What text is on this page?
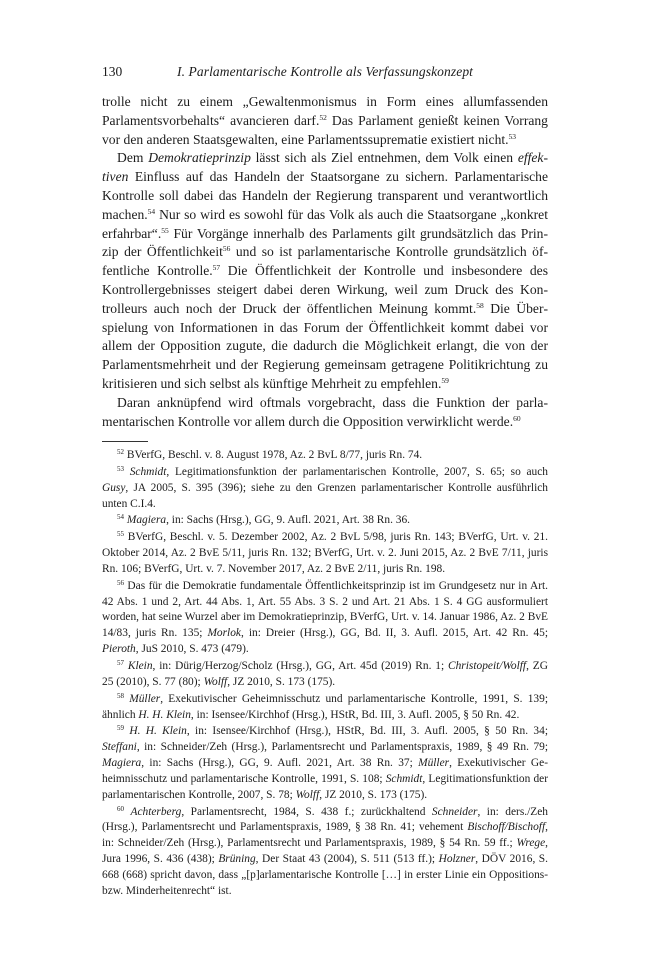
130	I. Parlamentarische Kontrolle als Verfassungskonzept

trolle nicht zu einem „Gewaltenmonismus in Form eines allumfassenden Parlamentsvorbehalts“ avancieren darf.$^{52}$ Das Parlament genießt keinen Vorrang vor den anderen Staatsgewalten, eine Parlamentssuprematie existiert nicht.$^{53}$

Dem Demokratieprinzip lässt sich als Ziel entnehmen, dem Volk einen effektiven Einfluss auf das Handeln der Staatsorgane zu sichern. Parlamentarische Kontrolle soll dabei das Handeln der Regierung transparent und verantwortlich machen.$^{54}$ Nur so wird es sowohl für das Volk als auch die Staatsorgane „konkret erfahrbar“.$^{55}$ Für Vorgänge innerhalb des Parlaments gilt grundsätzlich das Prinzip der Öffentlichkeit$^{56}$ und so ist parlamentarische Kontrolle grundsätzlich öffentliche Kontrolle.$^{57}$ Die Öffentlichkeit der Kontrolle und insbesondere des Kontrollergebnisses steigert dabei deren Wirkung, weil zum Druck des Kontrolleurs auch noch der Druck der öffentlichen Meinung kommt.$^{58}$ Die Überspielung von Informationen in das Forum der Öffentlichkeit kommt dabei vor allem der Opposition zugute, die dadurch die Möglichkeit erlangt, die von der Parlamentsmehrheit und der Regierung gemeinsam getragene Politikrichtung zu kritisieren und sich selbst als künftige Mehrheit zu empfehlen.$^{59}$

Daran anknüpfend wird oftmals vorgebracht, dass die Funktion der parlamentarischen Kontrolle vor allem durch die Opposition verwirklicht werde.$^{60}$

$^{52}$ BVerfG, Beschl. v. 8. August 1978, Az. 2 BvL 8/77, juris Rn. 74.

$^{53}$ Schmidt, Legitimationsfunktion der parlamentarischen Kontrolle, 2007, S. 65; so auch Gusy, JA 2005, S. 395 (396); siehe zu den Grenzen parlamentarischer Kontrolle ausführlich unten C.I.4.

$^{54}$ Magiera, in: Sachs (Hrsg.), GG, 9. Aufl. 2021, Art. 38 Rn. 36.

$^{55}$ BVerfG, Beschl. v. 5. Dezember 2002, Az. 2 BvL 5/98, juris Rn. 143; BVerfG, Urt. v. 21. Oktober 2014, Az. 2 BvE 5/11, juris Rn. 132; BVerfG, Urt. v. 2. Juni 2015, Az. 2 BvE 7/11, juris Rn. 106; BVerfG, Urt. v. 7. November 2017, Az. 2 BvE 2/11, juris Rn. 198.

$^{56}$ Das für die Demokratie fundamentale Öffentlichkeitsprinzip ist im Grundgesetz nur in Art. 42 Abs. 1 und 2, Art. 44 Abs. 1, Art. 55 Abs. 3 S. 2 und Art. 21 Abs. 1 S. 4 GG ausformuliert worden, hat seine Wurzel aber im Demokratieprinzip, BVerfG, Urt. v. 14. Januar 1986, Az. 2 BvE 14/83, juris Rn. 135; Morlok, in: Dreier (Hrsg.), GG, Bd. II, 3. Aufl. 2015, Art. 42 Rn. 45; Pieroth, JuS 2010, S. 473 (479).

$^{57}$ Klein, in: Dürig/Herzog/Scholz (Hrsg.), GG, Art. 45d (2019) Rn. 1; Christopeit/Wolff, ZG 25 (2010), S. 77 (80); Wolff, JZ 2010, S. 173 (175).

$^{58}$ Müller, Exekutivischer Geheimnisschutz und parlamentarische Kontrolle, 1991, S. 139; ähnlich H. H. Klein, in: Isensee/Kirchhof (Hrsg.), HStR, Bd. III, 3. Aufl. 2005, § 50 Rn. 42.

$^{59}$ H. H. Klein, in: Isensee/Kirchhof (Hrsg.), HStR, Bd. III, 3. Aufl. 2005, § 50 Rn. 34; Steffani, in: Schneider/Zeh (Hrsg.), Parlamentsrecht und Parlamentspraxis, 1989, § 49 Rn. 79; Magiera, in: Sachs (Hrsg.), GG, 9. Aufl. 2021, Art. 38 Rn. 37; Müller, Exekutivischer Geheimnisschutz und parlamentarische Kontrolle, 1991, S. 108; Schmidt, Legitimationsfunktion der parlamentarischen Kontrolle, 2007, S. 78; Wolff, JZ 2010, S. 173 (175).

$^{60}$ Achterberg, Parlamentsrecht, 1984, S. 438 f.; zurückhaltend Schneider, in: ders./Zeh (Hrsg.), Parlamentsrecht und Parlamentspraxis, 1989, § 38 Rn. 41; vehement Bischoff/Bischoff, in: Schneider/Zeh (Hrsg.), Parlamentsrecht und Parlamentspraxis, 1989, § 54 Rn. 59 ff.; Wrege, Jura 1996, S. 436 (438); Brüning, Der Staat 43 (2004), S. 511 (513 ff.); Holzner, DÖV 2016, S. 668 (668) spricht davon, dass „[p]arlamentarische Kontrolle […] in erster Linie ein Oppositions- bzw. Minderheitenrecht“ ist.
